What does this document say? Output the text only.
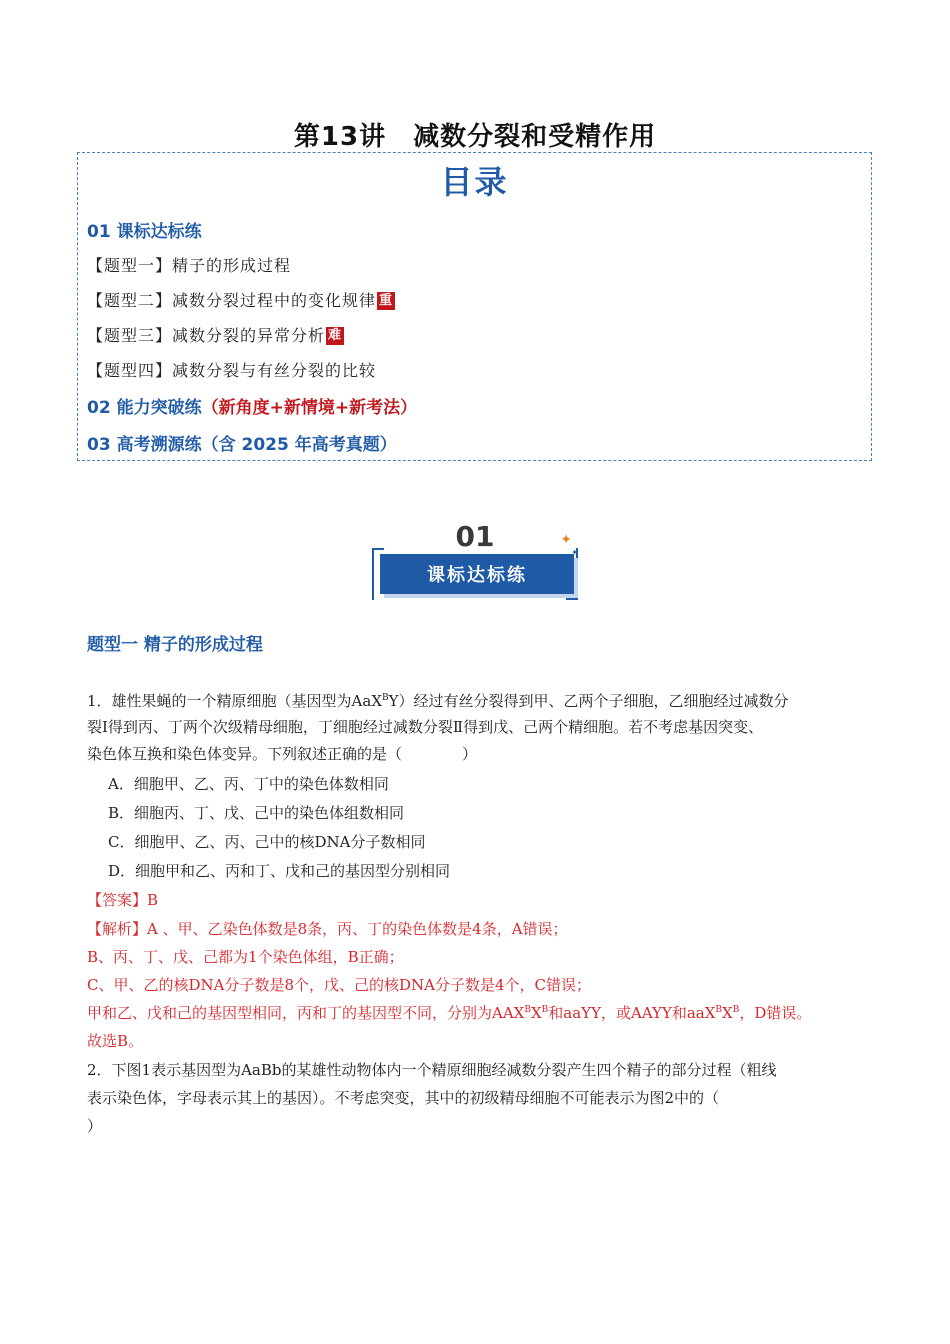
第13讲　减数分裂和受精作用
目录
01 课标达标练
【题型一】精子的形成过程
【题型二】减数分裂过程中的变化规律 重
【题型三】减数分裂的异常分析 难
【题型四】减数分裂与有丝分裂的比较
02 能力突破练（新角度+新情境+新考法）
03 高考溯源练（含 2025 年高考真题）
01
课标达标练
✦
✦
题型一 精子的形成过程
1．雄性果蝇的一个精原细胞（基因型为AaX$^B$Y）经过有丝分裂得到甲、乙两个子细胞，乙细胞经过减数分
裂Ⅰ得到丙、丁两个次级精母细胞，丁细胞经过减数分裂Ⅱ得到戊、己两个精细胞。若不考虑基因突变、
染色体互换和染色体变异。下列叙述正确的是（　　　　）
A．细胞甲、乙、丙、丁中的染色体数相同
B．细胞丙、丁、戊、己中的染色体组数相同
C．细胞甲、乙、丙、己中的核DNA分子数相同
D．细胞甲和乙、丙和丁、戊和己的基因型分别相同
【答案】B
【解析】A 、甲、乙染色体数是8条，丙、丁的染色体数是4条，A错误；
B、丙、丁、戊、己都为1个染色体组，B正确；
C、甲、乙的核DNA分子数是8个，戊、己的核DNA分子数是4个，C错误；
甲和乙、戊和己的基因型相同，丙和丁的基因型不同，分别为$AAX^BX^B$和aaYY，或AAYY和$aaX^BX^B$，D错误。
故选B。
2．下图1表示基因型为AaBb的某雄性动物体内一个精原细胞经减数分裂产生四个精子的部分过程（粗线
表示染色体，字母表示其上的基因）。不考虑突变，其中的初级精母细胞不可能表示为图2中的（
）
